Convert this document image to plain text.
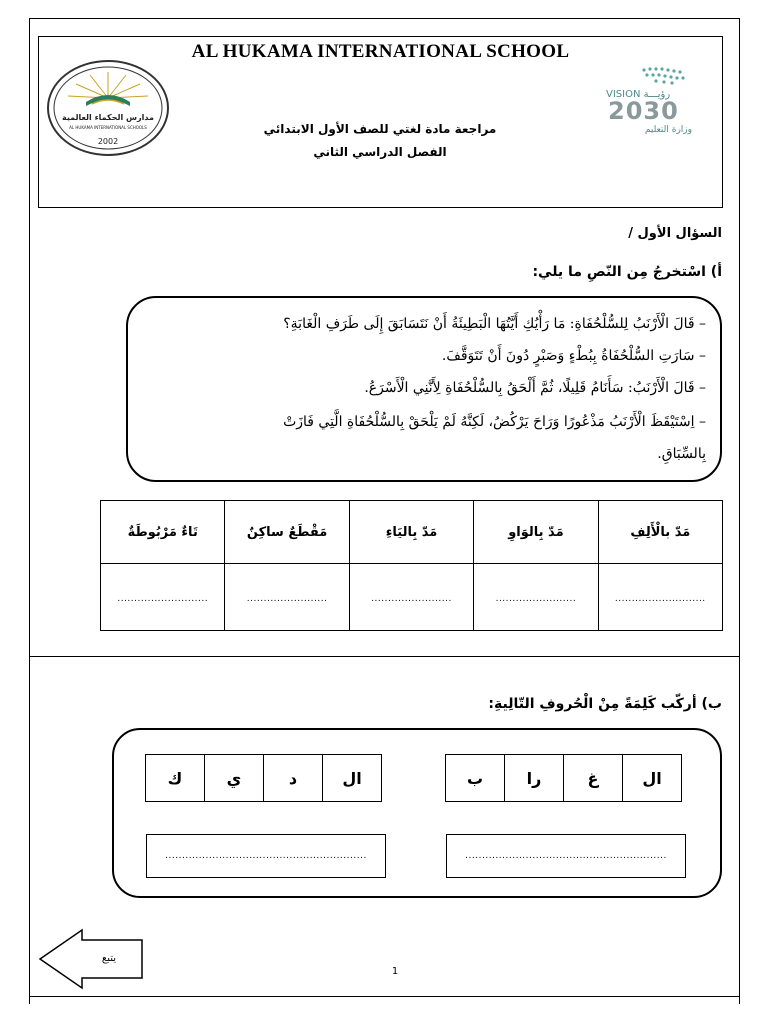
AL HUKAMA INTERNATIONAL SCHOOL
مراجعة مادة لغتي للصف الأول الابتدائي
الفصل الدراسي الثاني
مدارس الحكماء العالمية
AL HUKAMA INTERNATIONAL SCHOOLS
2002
VISION رؤيـــة
2030
وزارة التعليم
السؤال الأول /
أ) اسْتخرجُ مِن النّصِ ما يلي:
– قَالَ الْأَرْنَبُ لِلسُّلْحُفَاةِ: مَا رَأْيُكِ أَيَّتُهَا الْبَطِيئَةُ أَنْ نَتَسَابَقَ إِلَى طَرَفِ الْغَابَةِ؟
– سَارَتِ السُّلْحُفَاةُ بِبُطْءٍ وَصَبْرٍ دُونَ أَنْ تَتَوَقَّفَ.
– قَالَ الْأَرْنَبُ: سَأَنَامُ قَلِيلًا، ثُمَّ أَلْحَقُ بِالسُّلْحُفَاةِ لِأَنَّنِي الْأَسْرَعُ.
– اِسْتَيْقَظَ الْأَرْنَبُ مَذْعُورًا وَرَاحَ يَرْكُضُ، لَكِنَّهُ لَمْ يَلْحَقْ بِالسُّلْحُفَاةِ الَّتِي فَازَتْ
بِالسِّبَاقِ.
مَدّ بالْأَلِفِ	مَدّ بِالوَاوِ	مَدّ بِاليَاءِ	مَقْطَعٌ ساكِنٌ	تَاءٌ مَرْبُوطَةٌ
...........................	........................	........................	........................	...........................
ب) أركّب كَلِمَةً مِنْ الْحُروفِ التّالِيةِ:
ال
غ
را
ب
............................................................
ال
د
ي
ك
............................................................
يتبع
1
